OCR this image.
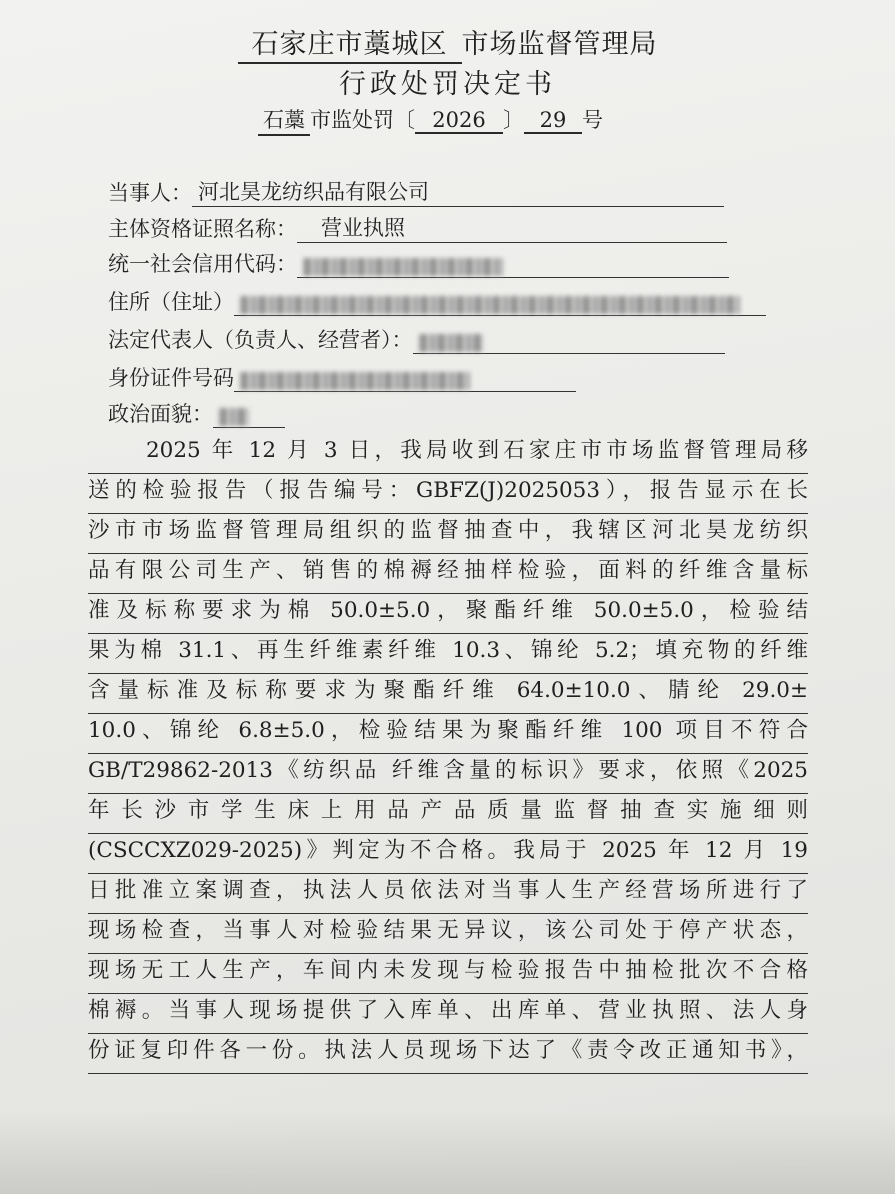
石家庄市藁城区 市场监督管理局
行政处罚决定书
石藁 市监处罚〔 2026 〕 29 号
当事人： 河北昊龙纺织品有限公司
主体资格证照名称： 营业执照
统一社会信用代码：
住所（住址）
法定代表人（负责人、经营者）：
身份证件号码
政治面貌：
2025 年 12 月 3 日，我局收到石家庄市市场监督管理局移
送的检验报告（报告编号：GBFZ(J)2025053），报告显示在长
沙市市场监督管理局组织的监督抽查中，我辖区河北昊龙纺织
品有限公司生产、销售的棉褥经抽样检验，面料的纤维含量标
准及标称要求为棉 50.0±5.0，聚酯纤维 50.0±5.0，检验结
果为棉 31.1、再生纤维素纤维 10.3、锦纶 5.2；填充物的纤维
含量标准及标称要求为聚酯纤维 64.0±10.0、腈纶 29.0±
10.0、锦纶 6.8±5.0，检验结果为聚酯纤维 100 项目不符合
GB/T29862-2013《纺织品 纤维含量的标识》要求，依照《2025
年长沙市学生床上用品产品质量监督抽查实施细则
(CSCCXZ029-2025)》判定为不合格。我局于 2025 年 12 月 19
日批准立案调查，执法人员依法对当事人生产经营场所进行了
现场检查，当事人对检验结果无异议，该公司处于停产状态，
现场无工人生产，车间内未发现与检验报告中抽检批次不合格
棉褥。当事人现场提供了入库单、出库单、营业执照、法人身
份证复印件各一份。执法人员现场下达了《责令改正通知书》，
